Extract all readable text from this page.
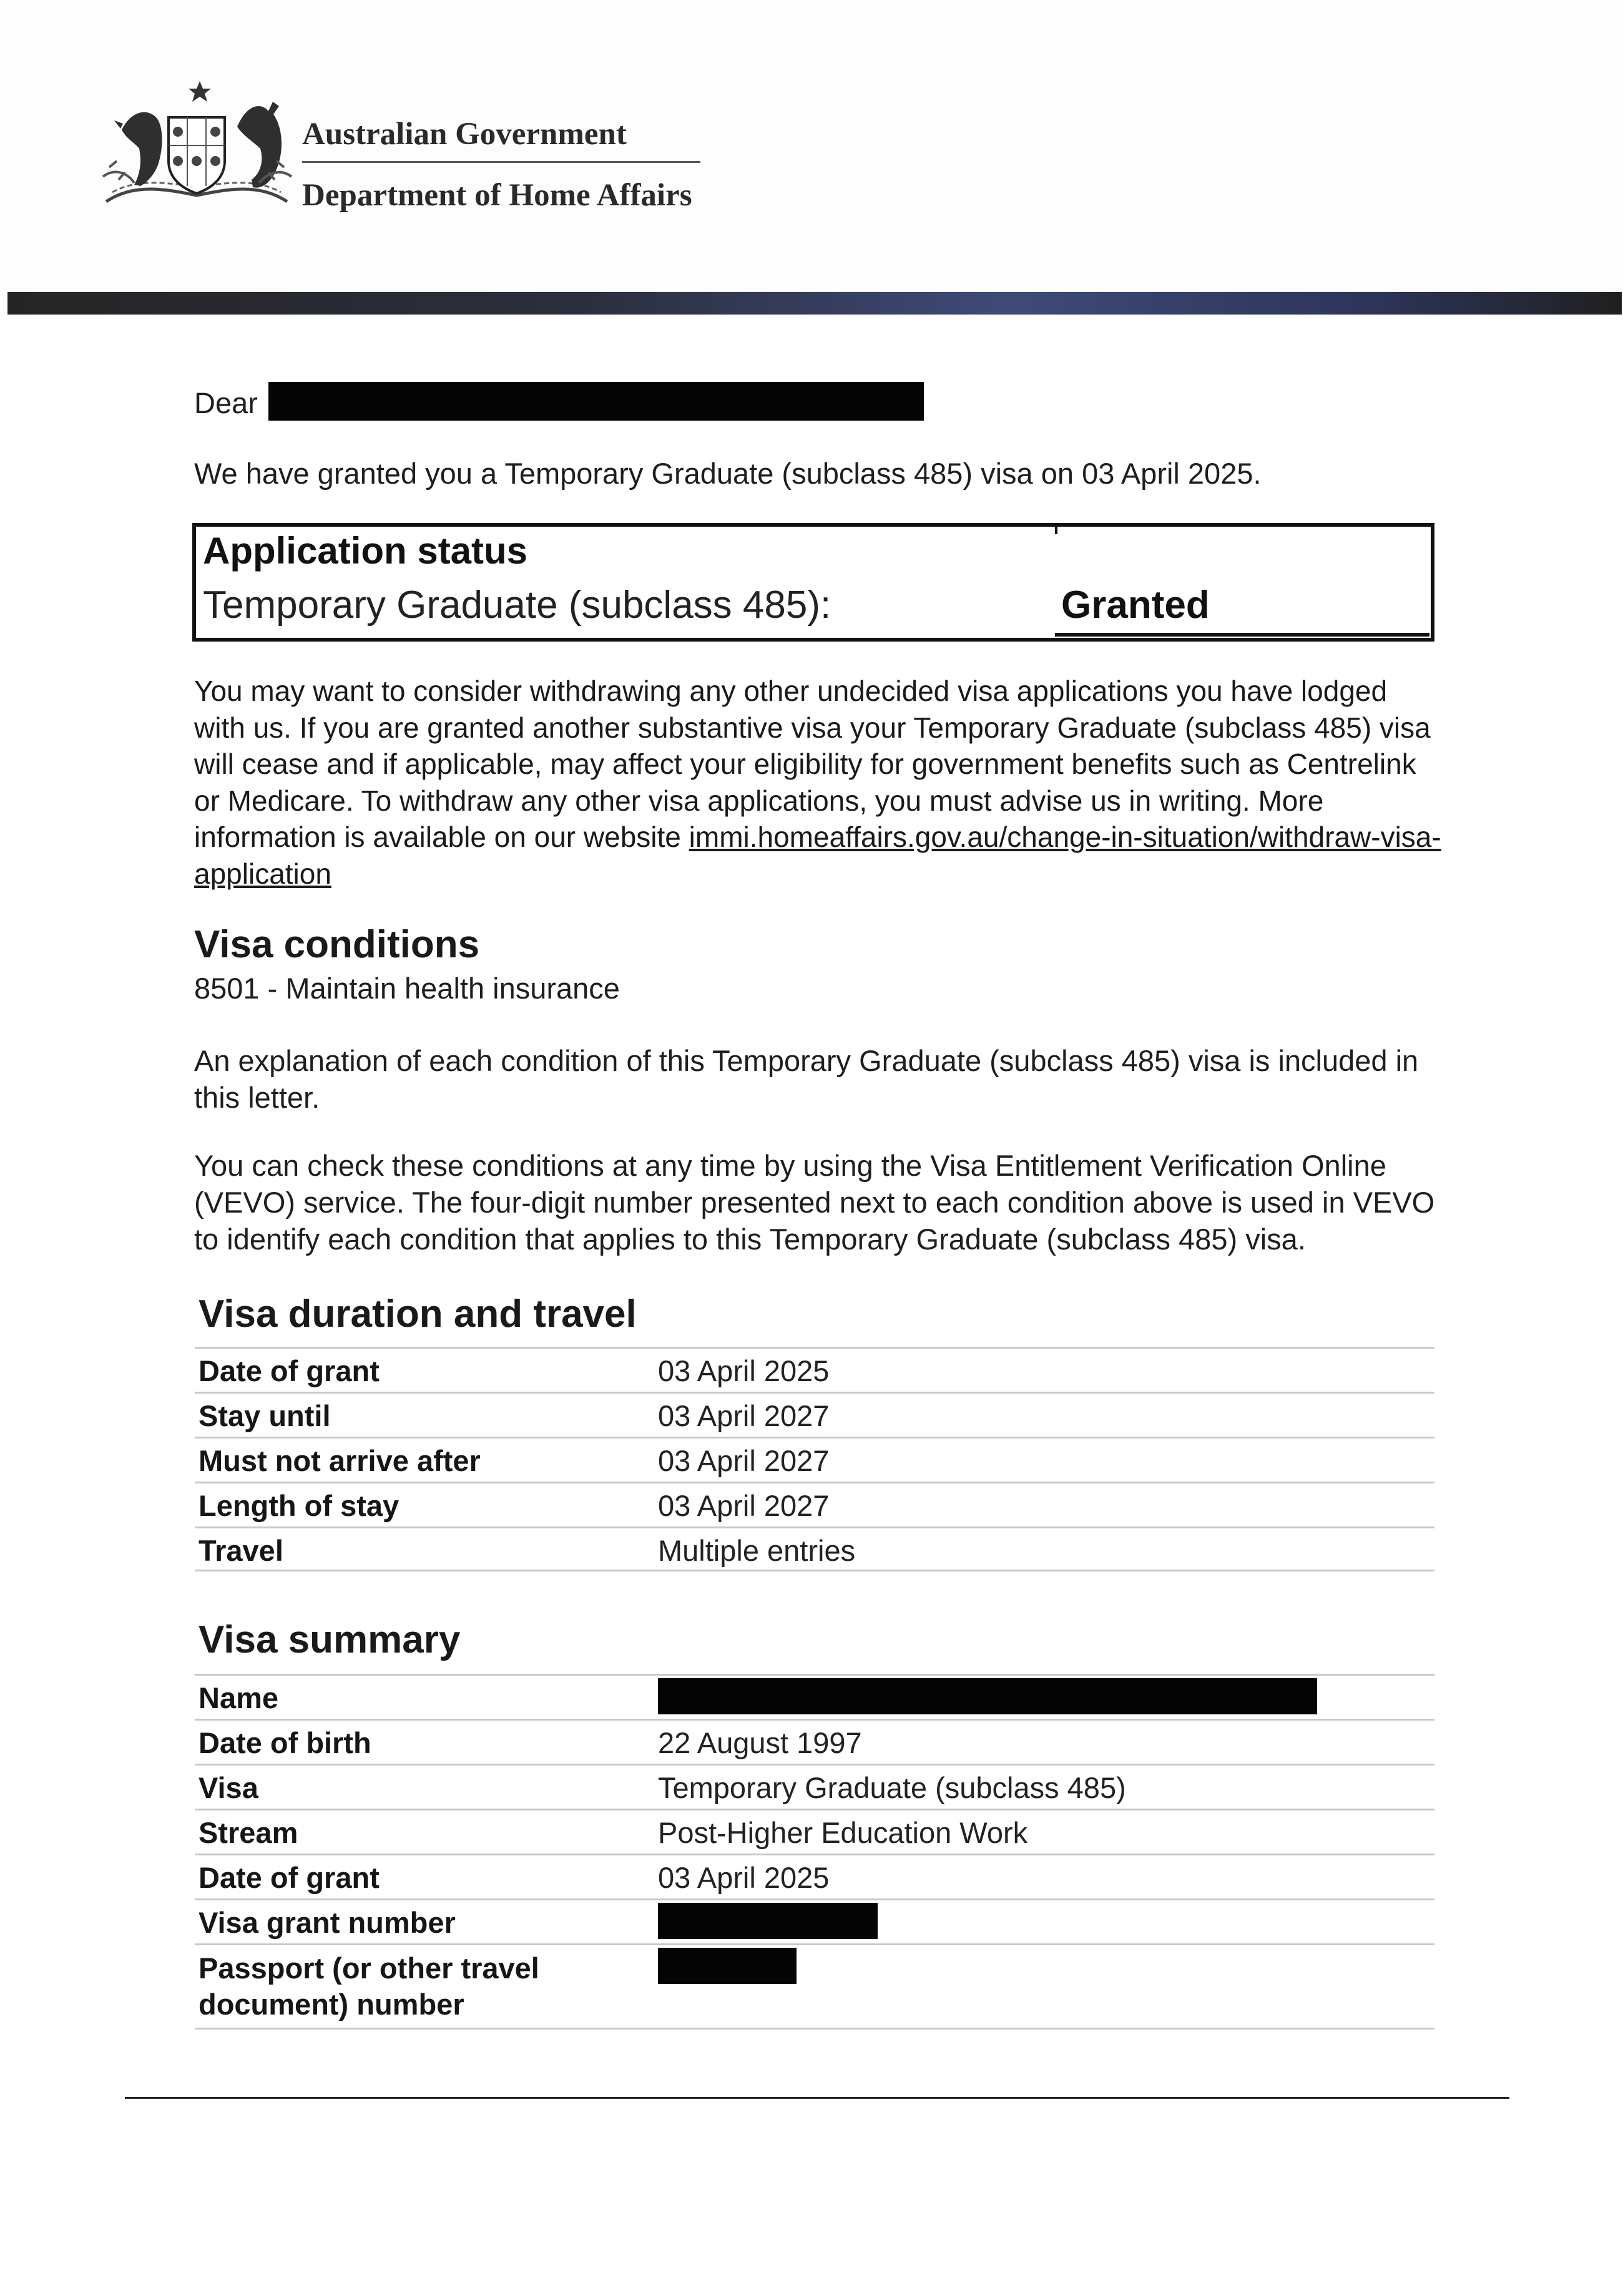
Australian Government
Department of Home Affairs
Dear
We have granted you a Temporary Graduate (subclass 485) visa on 03 April 2025.
Application status
Temporary Graduate (subclass 485):	Granted
You may want to consider withdrawing any other undecided visa applications you have lodged with us. If you are granted another substantive visa your Temporary Graduate (subclass 485) visa will cease and if applicable, may affect your eligibility for government benefits such as Centrelink or Medicare. To withdraw any other visa applications, you must advise us in writing. More information is available on our website immi.homeaffairs.gov.au/change-in-situation/withdraw-visa-application
Visa conditions
8501 - Maintain health insurance
An explanation of each condition of this Temporary Graduate (subclass 485) visa is included in this letter.
You can check these conditions at any time by using the Visa Entitlement Verification Online (VEVO) service. The four-digit number presented next to each condition above is used in VEVO to identify each condition that applies to this Temporary Graduate (subclass 485) visa.
Visa duration and travel
Date of grant	03 April 2025
Stay until	03 April 2027
Must not arrive after	03 April 2027
Length of stay	03 April 2027
Travel	Multiple entries
Visa summary
Name
Date of birth	22 August 1997
Visa	Temporary Graduate (subclass 485)
Stream	Post-Higher Education Work
Date of grant	03 April 2025
Visa grant number
Passport (or other travel document) number
